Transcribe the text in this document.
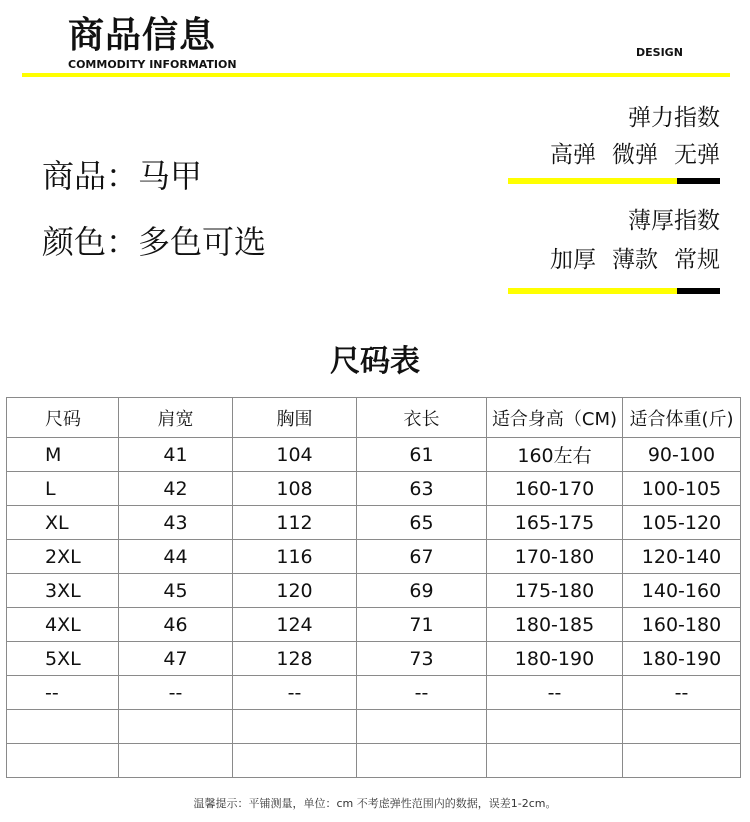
商品信息
COMMODITY INFORMATION
DESIGN
商品：马甲
颜色：多色可选
弹力指数
高弹 微弹 无弹
薄厚指数
加厚 薄款 常规
尺码表
尺码	肩宽	胸围	衣长	适合身高（CM)	适合体重(斤)
M	41	104	61	160左右	90-100
L	42	108	63	160-170	100-105
XL	43	112	65	165-175	105-120
2XL	44	116	67	170-180	120-140
3XL	45	120	69	175-180	140-160
4XL	46	124	71	180-185	160-180
5XL	47	128	73	180-190	180-190
--	--	--	--	--	--

温馨提示：平铺测量，单位：cm 不考虑弹性范围内的数据，误差1-2cm。
